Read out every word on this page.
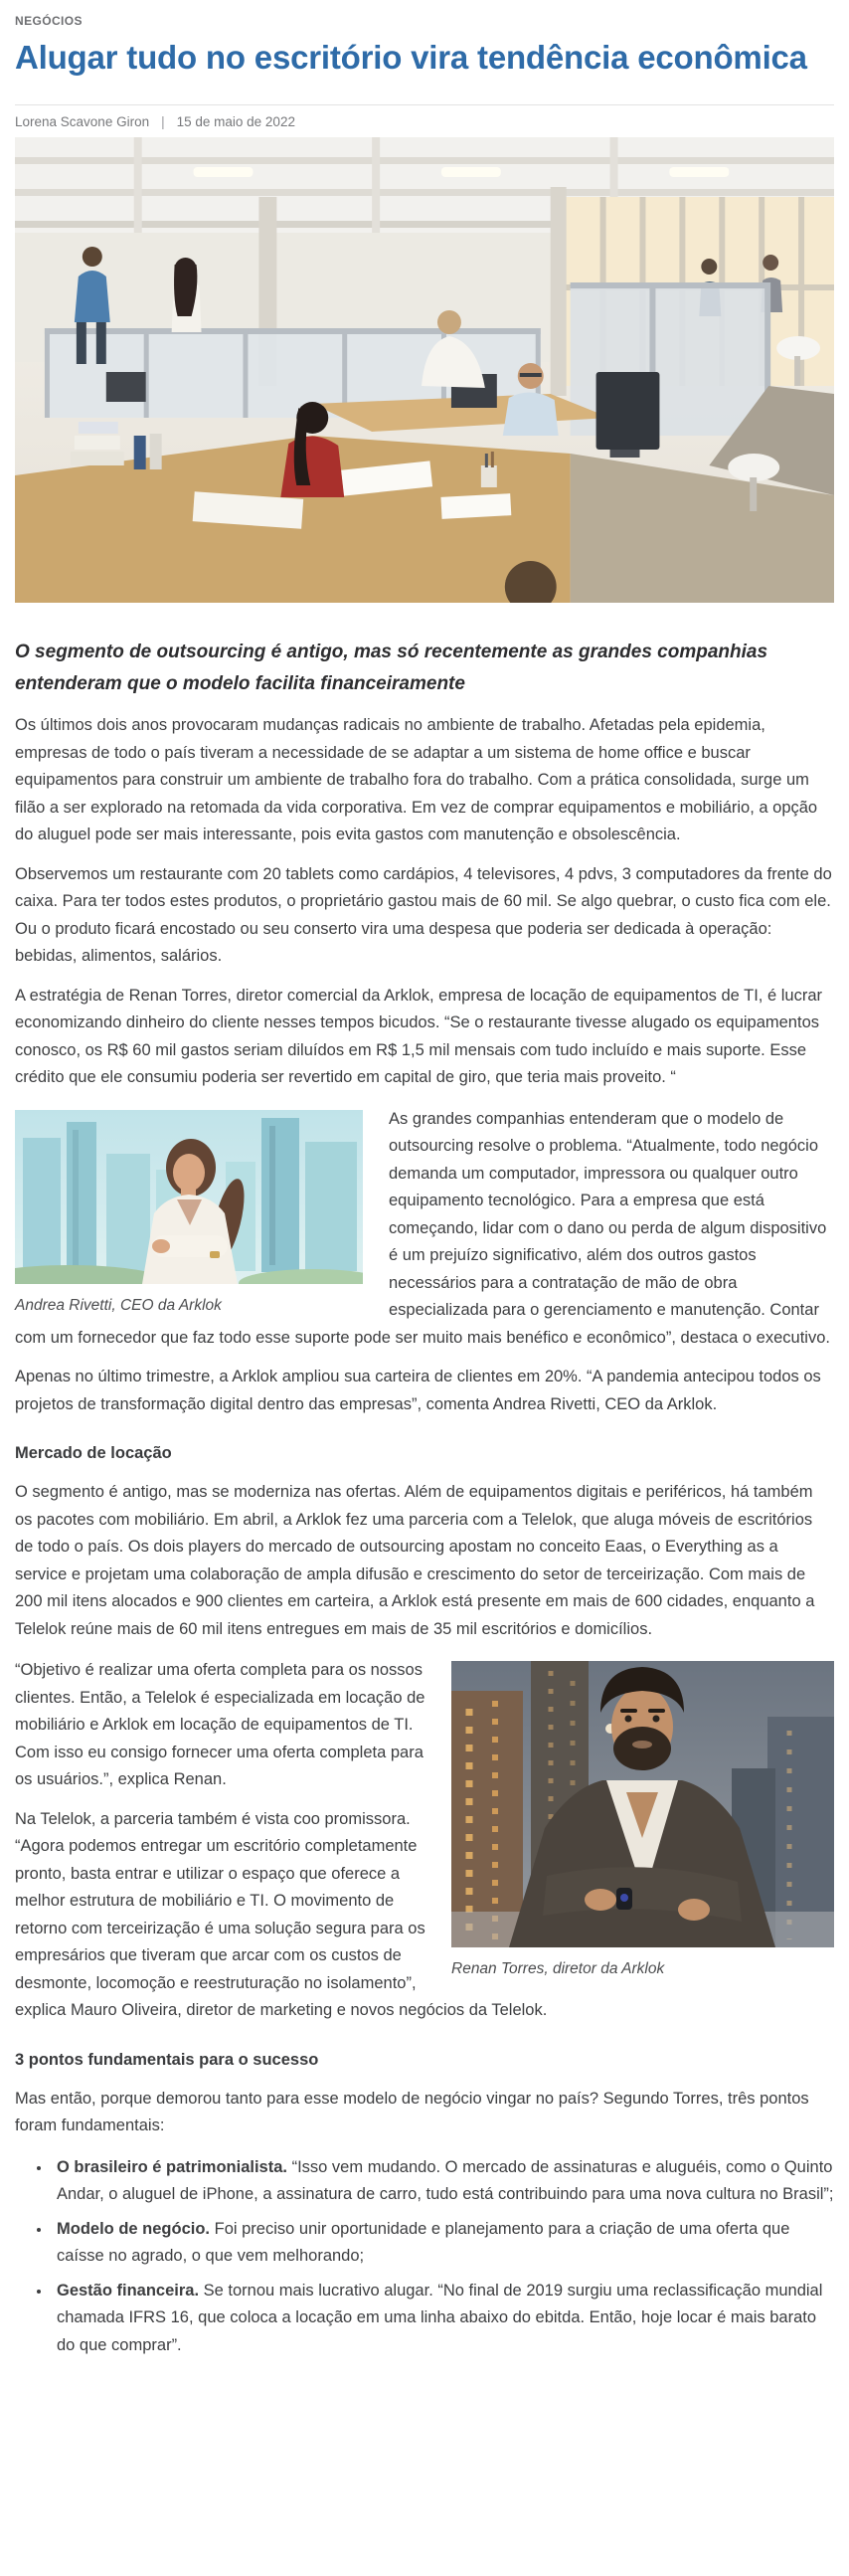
NEGÓCIOS
Alugar tudo no escritório vira tendência econômica
Lorena Scavone Giron | 15 de maio de 2022

O segmento de outsourcing é antigo, mas só recentemente as grandes companhias entenderam que o modelo facilita financeiramente

Os últimos dois anos provocaram mudanças radicais no ambiente de trabalho. Afetadas pela epidemia, empresas de todo o país tiveram a necessidade de se adaptar a um sistema de home office e buscar equipamentos para construir um ambiente de trabalho fora do trabalho. Com a prática consolidada, surge um filão a ser explorado na retomada da vida corporativa. Em vez de comprar equipamentos e mobiliário, a opção do aluguel pode ser mais interessante, pois evita gastos com manutenção e obsolescência.

Observemos um restaurante com 20 tablets como cardápios, 4 televisores, 4 pdvs, 3 computadores da frente do caixa. Para ter todos estes produtos, o proprietário gastou mais de 60 mil. Se algo quebrar, o custo fica com ele. Ou o produto ficará encostado ou seu conserto vira uma despesa que poderia ser dedicada à operação: bebidas, alimentos, salários.

A estratégia de Renan Torres, diretor comercial da Arklok, empresa de locação de equipamentos de TI, é lucrar economizando dinheiro do cliente nesses tempos bicudos. “Se o restaurante tivesse alugado os equipamentos conosco, os R$ 60 mil gastos seriam diluídos em R$ 1,5 mil mensais com tudo incluído e mais suporte. Esse crédito que ele consumiu poderia ser revertido em capital de giro, que teria mais proveito. “

Andrea Rivetti, CEO da Arklok

As grandes companhias entenderam que o modelo de outsourcing resolve o problema. “Atualmente, todo negócio demanda um computador, impressora ou qualquer outro equipamento tecnológico. Para a empresa que está começando, lidar com o dano ou perda de algum dispositivo é um prejuízo significativo, além dos outros gastos necessários para a contratação de mão de obra especializada para o gerenciamento e manutenção. Contar com um fornecedor que faz todo esse suporte pode ser muito mais benéfico e econômico”, destaca o executivo.

Apenas no último trimestre, a Arklok ampliou sua carteira de clientes em 20%. “A pandemia antecipou todos os projetos de transformação digital dentro das empresas”, comenta Andrea Rivetti, CEO da Arklok.

Mercado de locação

O segmento é antigo, mas se moderniza nas ofertas. Além de equipamentos digitais e periféricos, há também os pacotes com mobiliário. Em abril, a Arklok fez uma parceria com a Telelok, que aluga móveis de escritórios de todo o país. Os dois players do mercado de outsourcing apostam no conceito Eaas, o Everything as a service e projetam uma colaboração de ampla difusão e crescimento do setor de terceirização. Com mais de 200 mil itens alocados e 900 clientes em carteira, a Arklok está presente em mais de 600 cidades, enquanto a Telelok reúne mais de 60 mil itens entregues em mais de 35 mil escritórios e domicílios.

Renan Torres, diretor da Arklok

“Objetivo é realizar uma oferta completa para os nossos clientes. Então, a Telelok é especializada em locação de mobiliário e Arklok em locação de equipamentos de TI. Com isso eu consigo fornecer uma oferta completa para os usuários.”, explica Renan.

Na Telelok, a parceria também é vista coo promissora. “Agora podemos entregar um escritório completamente pronto, basta entrar e utilizar o espaço que oferece a melhor estrutura de mobiliário e TI. O movimento de retorno com terceirização é uma solução segura para os empresários que tiveram que arcar com os custos de desmonte, locomoção e reestruturação no isolamento”, explica Mauro Oliveira, diretor de marketing e novos negócios da Telelok.

3 pontos fundamentais para o sucesso

Mas então, porque demorou tanto para esse modelo de negócio vingar no país? Segundo Torres, três pontos foram fundamentais:

• O brasileiro é patrimonialista. “Isso vem mudando. O mercado de assinaturas e aluguéis, como o Quinto Andar, o aluguel de iPhone, a assinatura de carro, tudo está contribuindo para uma nova cultura no Brasil”;
• Modelo de negócio. Foi preciso unir oportunidade e planejamento para a criação de uma oferta que caísse no agrado, o que vem melhorando;
• Gestão financeira. Se tornou mais lucrativo alugar. “No final de 2019 surgiu uma reclassificação mundial chamada IFRS 16, que coloca a locação em uma linha abaixo do ebitda. Então, hoje locar é mais barato do que comprar”.
